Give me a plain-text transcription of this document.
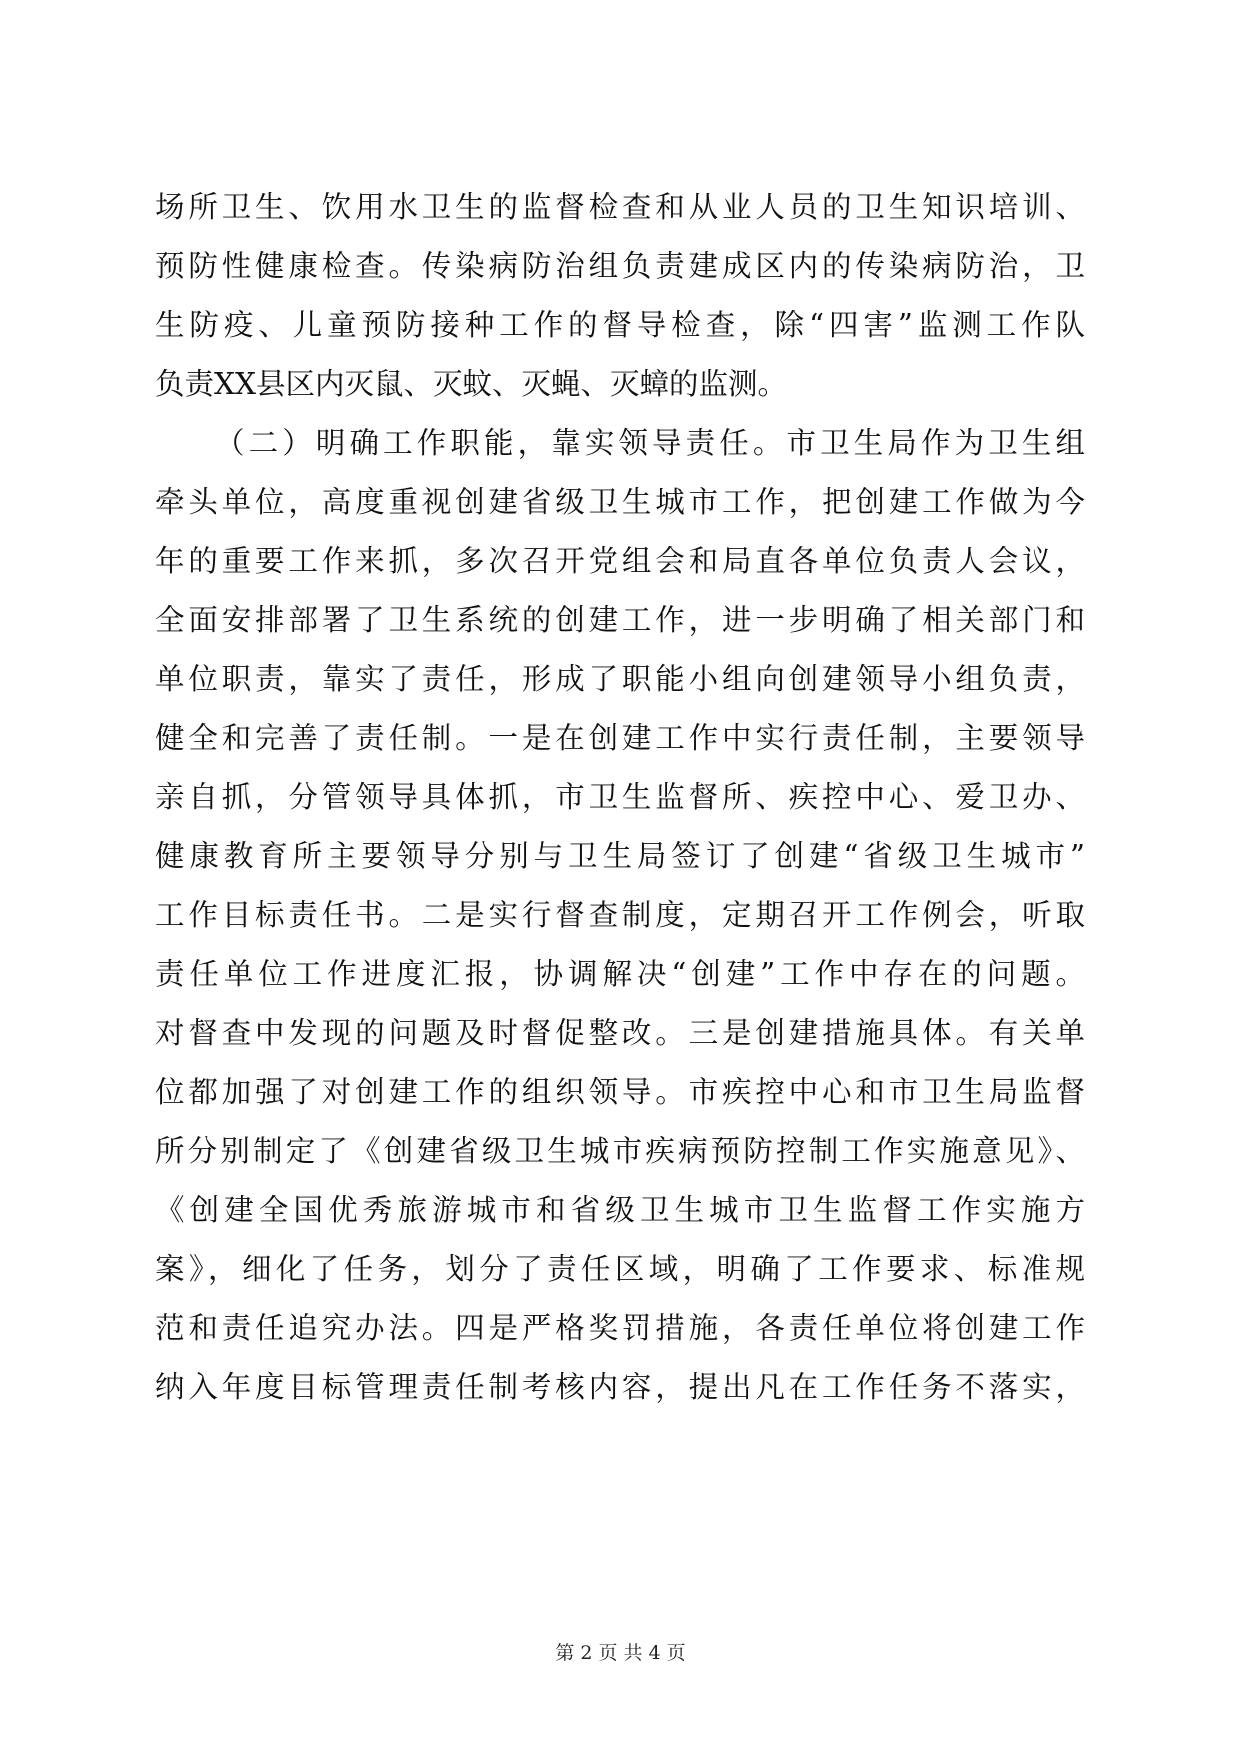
场所卫生、饮用水卫生的监督检查和从业人员的卫生知识培训、
预防性健康检查。传染病防治组负责建成区内的传染病防治，卫
生防疫、儿童预防接种工作的督导检查，除“四害”监测工作队
负责XX县区内灭鼠、灭蚊、灭蝇、灭蟑的监测。
（二）明确工作职能，靠实领导责任。市卫生局作为卫生组
牵头单位，高度重视创建省级卫生城市工作，把创建工作做为今
年的重要工作来抓，多次召开党组会和局直各单位负责人会议，
全面安排部署了卫生系统的创建工作，进一步明确了相关部门和
单位职责，靠实了责任，形成了职能小组向创建领导小组负责，
健全和完善了责任制。一是在创建工作中实行责任制，主要领导
亲自抓，分管领导具体抓，市卫生监督所、疾控中心、爱卫办、
健康教育所主要领导分别与卫生局签订了创建“省级卫生城市”
工作目标责任书。二是实行督查制度，定期召开工作例会，听取
责任单位工作进度汇报，协调解决“创建”工作中存在的问题。
对督查中发现的问题及时督促整改。三是创建措施具体。有关单
位都加强了对创建工作的组织领导。市疾控中心和市卫生局监督
所分别制定了《创建省级卫生城市疾病预防控制工作实施意见》、
《创建全国优秀旅游城市和省级卫生城市卫生监督工作实施方
案》，细化了任务，划分了责任区域，明确了工作要求、标准规
范和责任追究办法。四是严格奖罚措施，各责任单位将创建工作
纳入年度目标管理责任制考核内容，提出凡在工作任务不落实，
第 2 页 共 4 页
